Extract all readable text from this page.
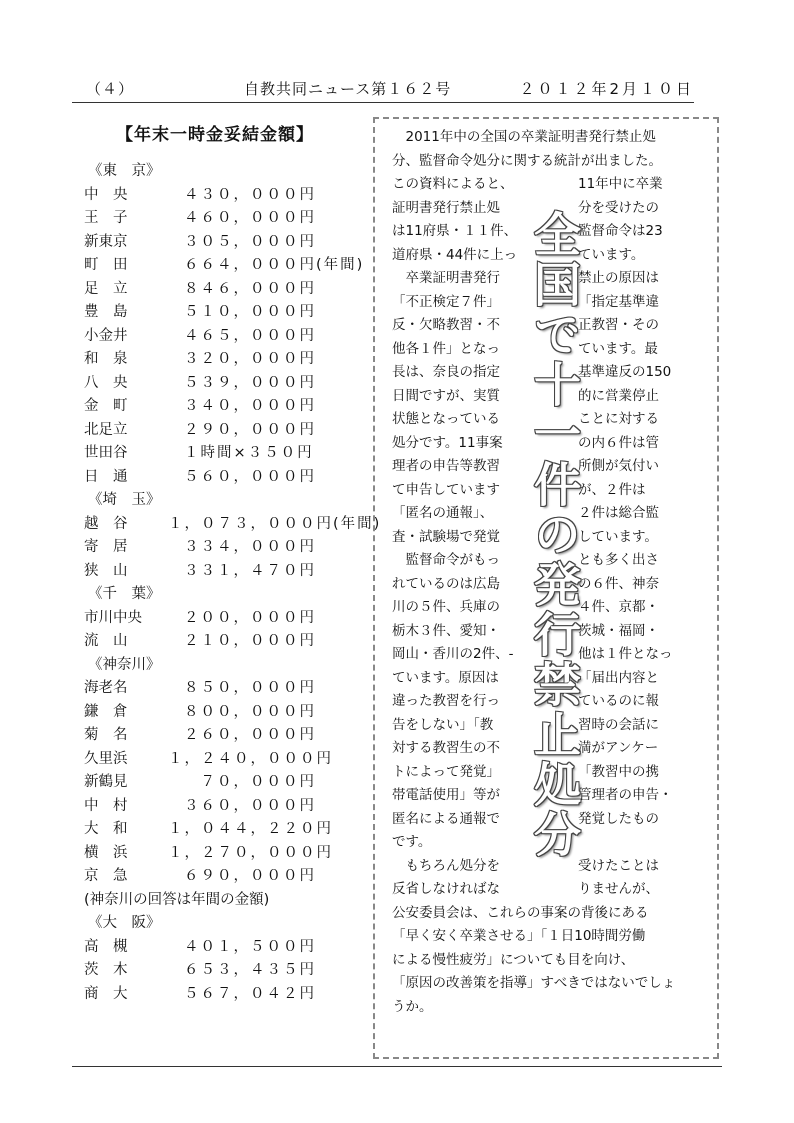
（４）	自教共同ニュース第１６２号	２０１２年2月１０日
【年末一時金妥結金額】
《東　京》
中　央	４３０，０００円
王　子	４６０，０００円
新東京	３０５，０００円
町　田	６６４，０００円(年間)
足　立	８４６，０００円
豊　島	５１０，０００円
小金井	４６５，０００円
和　泉	３２０，０００円
八　央	５３９，０００円
金　町	３４０，０００円
北足立	２９０，０００円
世田谷	１時間×３５０円
日　通	５６０，０００円
《埼　玉》
越　谷	１，０７３，０００円(年間)
寄　居	３３４，０００円
狭　山	３３１，４７０円
《千　葉》
市川中央	２００，０００円
流　山	２１０，０００円
《神奈川》
海老名	８５０，０００円
鎌　倉	８００，０００円
菊　名	２６０，０００円
久里浜	１，２４０，０００円
新鶴見	　７０，０００円
中　村	３６０，０００円
大　和	１，０４４，２２０円
横　浜	１，２７０，０００円
京　急	６９０，０００円
(神奈川の回答は年間の金額)
《大　阪》
高　槻	４０１，５００円
茨　木	６５３，４３５円
商　大	５６７，０４２円
　2011年中の全国の卒業証明書発行禁止処
分、監督命令処分に関する統計が出ました。
この資料によると、	11年中に卒業
証明書発行禁止処	分を受けたの
は11府県・１１件、	監督命令は23
道府県・44件に上っ	ています。
　卒業証明書発行	禁止の原因は
「不正検定７件」	「指定基準違
反・欠略教習・不	正教習・その
他各１件」となっ	ています。最
長は、奈良の指定	基準違反の150
日間ですが、実質	的に営業停止
状態となっている	ことに対する
処分です。11事案	の内６件は管
理者の申告等教習	所側が気付い
て申告しています	が、２件は
「匿名の通報」、	２件は総合監
査・試験場で発覚	しています。
　監督命令がもっ	とも多く出さ
れているのは広島	の６件、神奈
川の５件、兵庫の	４件、京都・
栃木３件、愛知・	茨城・福岡・
岡山・香川の2件、-	他は１件となっ
ています。原因は	「届出内容と
違った教習を行っ	ているのに報
告をしない」「教	習時の会話に
対する教習生の不	満がアンケー
トによって発覚」	「教習中の携
帯電話使用」等が	管理者の申告・
匿名による通報で	発覚したもの
です。
　もちろん処分を	受けたことは
反省しなければな	りませんが、
公安委員会は、これらの事案の背後にある
「早く安く卒業させる」「１日10時間労働
による慢性疲労」についても目を向け、
「原因の改善策を指導」すべきではないでしょ
うか。
全国で十一件の発行禁止処分
